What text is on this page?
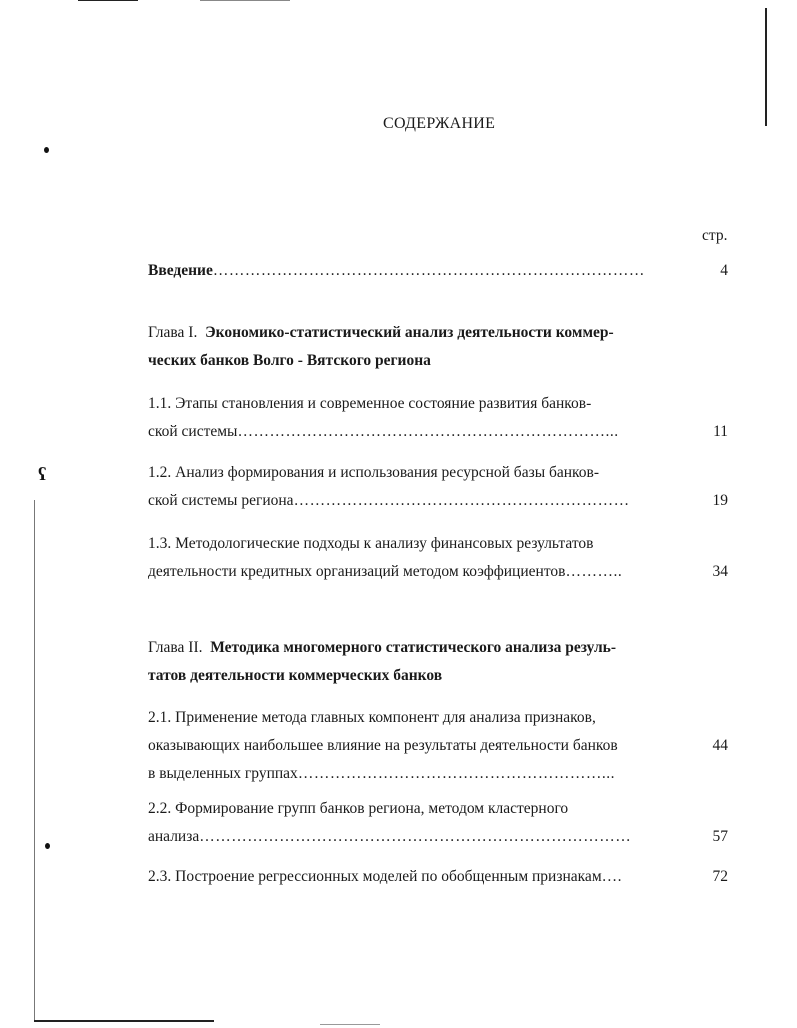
ʕ
СОДЕРЖАНИЕ
стр.
Введение………………………………………………………………………	4
Глава I. Экономико-статистический анализ деятельности коммер-
ческих банков Волго - Вятского региона
1.1. Этапы становления и современное состояние развития банков-
ской системы……………………………………………………………...	11
1.2. Анализ формирования и использования ресурсной базы банков-
ской системы региона………………………………………………………	19
1.3. Методологические подходы к анализу финансовых результатов
деятельности кредитных организаций методом коэффициентов………..	34
Глава II. Методика многомерного статистического анализа резуль-
татов деятельности коммерческих банков
2.1. Применение метода главных компонент для анализа признаков,
оказывающих наибольшее влияние на результаты деятельности банков	44
в выделенных группах…………………………………………………...
2.2. Формирование групп банков региона, методом кластерного
анализа………………………………………………………………………	57
2.3. Построение регрессионных моделей по обобщенным признакам….	72
